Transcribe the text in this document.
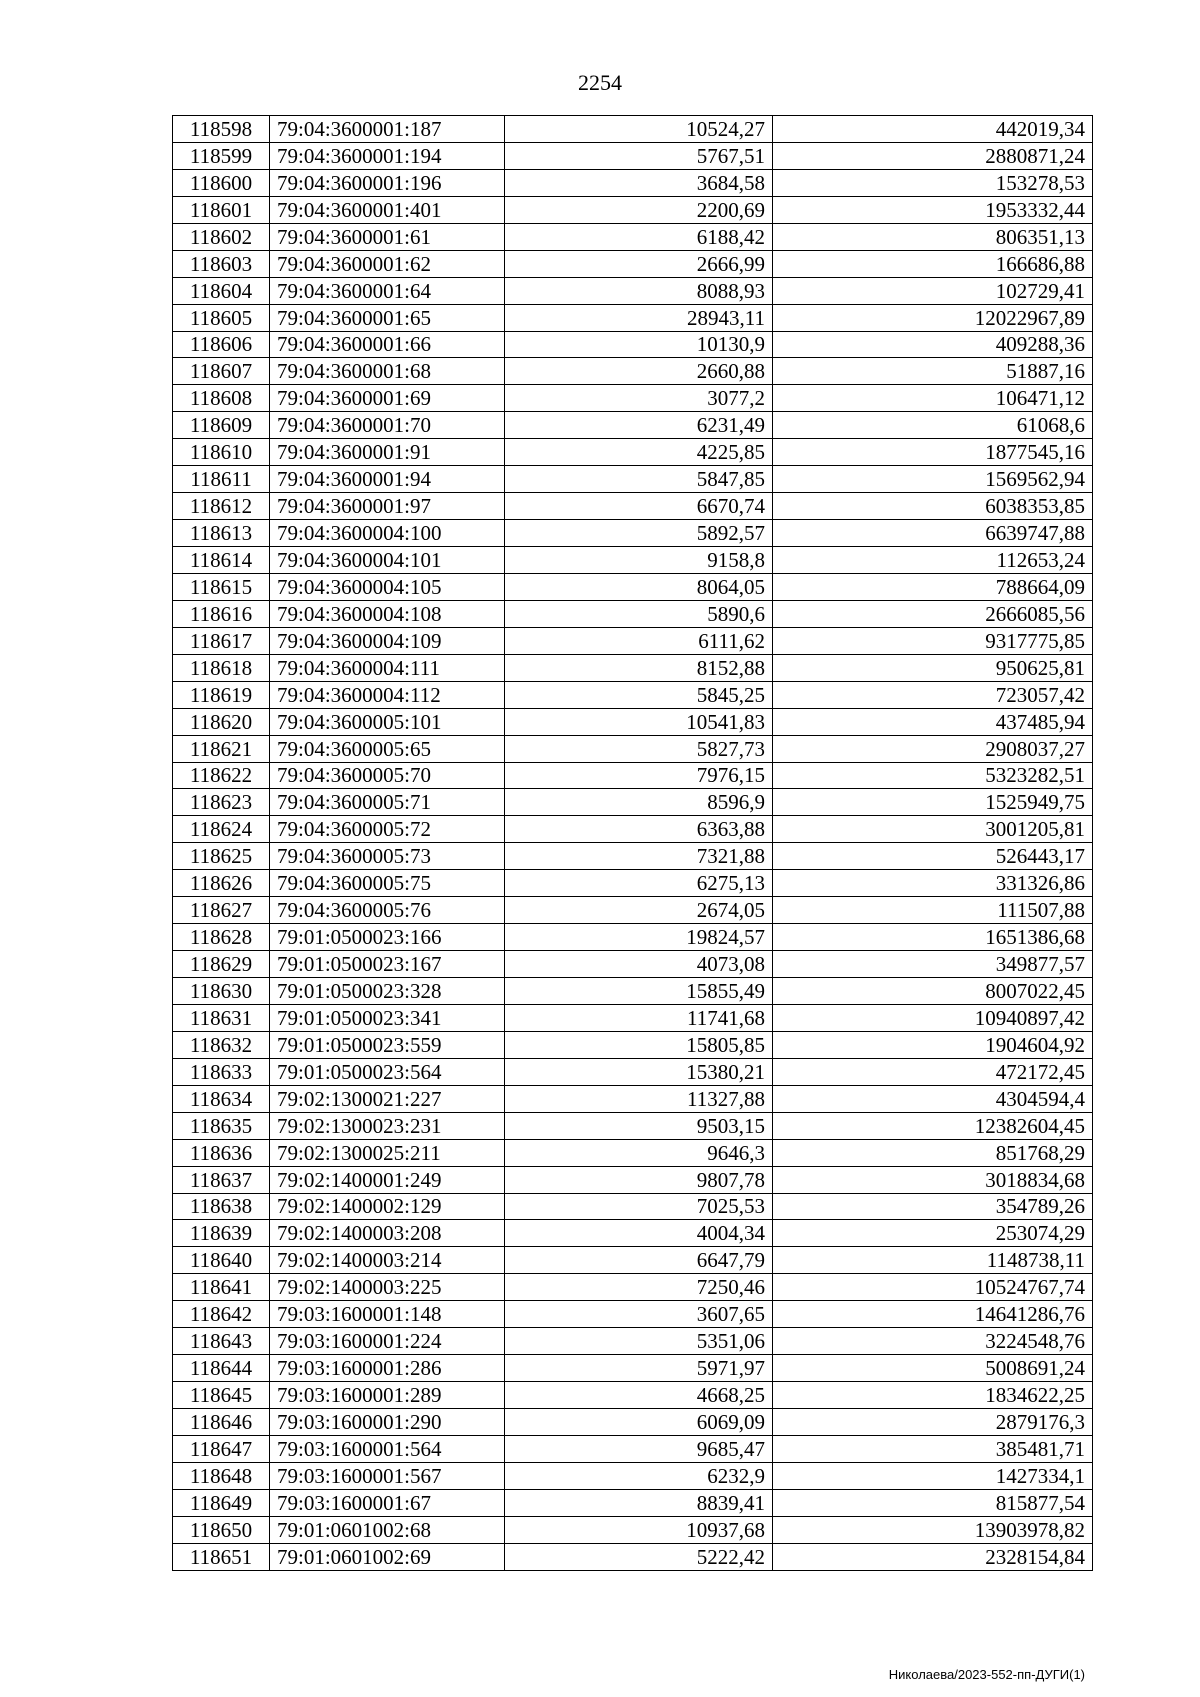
2254
118598	79:04:3600001:187	10524,27	442019,34
118599	79:04:3600001:194	5767,51	2880871,24
118600	79:04:3600001:196	3684,58	153278,53
118601	79:04:3600001:401	2200,69	1953332,44
118602	79:04:3600001:61	6188,42	806351,13
118603	79:04:3600001:62	2666,99	166686,88
118604	79:04:3600001:64	8088,93	102729,41
118605	79:04:3600001:65	28943,11	12022967,89
118606	79:04:3600001:66	10130,9	409288,36
118607	79:04:3600001:68	2660,88	51887,16
118608	79:04:3600001:69	3077,2	106471,12
118609	79:04:3600001:70	6231,49	61068,6
118610	79:04:3600001:91	4225,85	1877545,16
118611	79:04:3600001:94	5847,85	1569562,94
118612	79:04:3600001:97	6670,74	6038353,85
118613	79:04:3600004:100	5892,57	6639747,88
118614	79:04:3600004:101	9158,8	112653,24
118615	79:04:3600004:105	8064,05	788664,09
118616	79:04:3600004:108	5890,6	2666085,56
118617	79:04:3600004:109	6111,62	9317775,85
118618	79:04:3600004:111	8152,88	950625,81
118619	79:04:3600004:112	5845,25	723057,42
118620	79:04:3600005:101	10541,83	437485,94
118621	79:04:3600005:65	5827,73	2908037,27
118622	79:04:3600005:70	7976,15	5323282,51
118623	79:04:3600005:71	8596,9	1525949,75
118624	79:04:3600005:72	6363,88	3001205,81
118625	79:04:3600005:73	7321,88	526443,17
118626	79:04:3600005:75	6275,13	331326,86
118627	79:04:3600005:76	2674,05	111507,88
118628	79:01:0500023:166	19824,57	1651386,68
118629	79:01:0500023:167	4073,08	349877,57
118630	79:01:0500023:328	15855,49	8007022,45
118631	79:01:0500023:341	11741,68	10940897,42
118632	79:01:0500023:559	15805,85	1904604,92
118633	79:01:0500023:564	15380,21	472172,45
118634	79:02:1300021:227	11327,88	4304594,4
118635	79:02:1300023:231	9503,15	12382604,45
118636	79:02:1300025:211	9646,3	851768,29
118637	79:02:1400001:249	9807,78	3018834,68
118638	79:02:1400002:129	7025,53	354789,26
118639	79:02:1400003:208	4004,34	253074,29
118640	79:02:1400003:214	6647,79	1148738,11
118641	79:02:1400003:225	7250,46	10524767,74
118642	79:03:1600001:148	3607,65	14641286,76
118643	79:03:1600001:224	5351,06	3224548,76
118644	79:03:1600001:286	5971,97	5008691,24
118645	79:03:1600001:289	4668,25	1834622,25
118646	79:03:1600001:290	6069,09	2879176,3
118647	79:03:1600001:564	9685,47	385481,71
118648	79:03:1600001:567	6232,9	1427334,1
118649	79:03:1600001:67	8839,41	815877,54
118650	79:01:0601002:68	10937,68	13903978,82
118651	79:01:0601002:69	5222,42	2328154,84
Николаева/2023-552-пп-ДУГИ(1)
